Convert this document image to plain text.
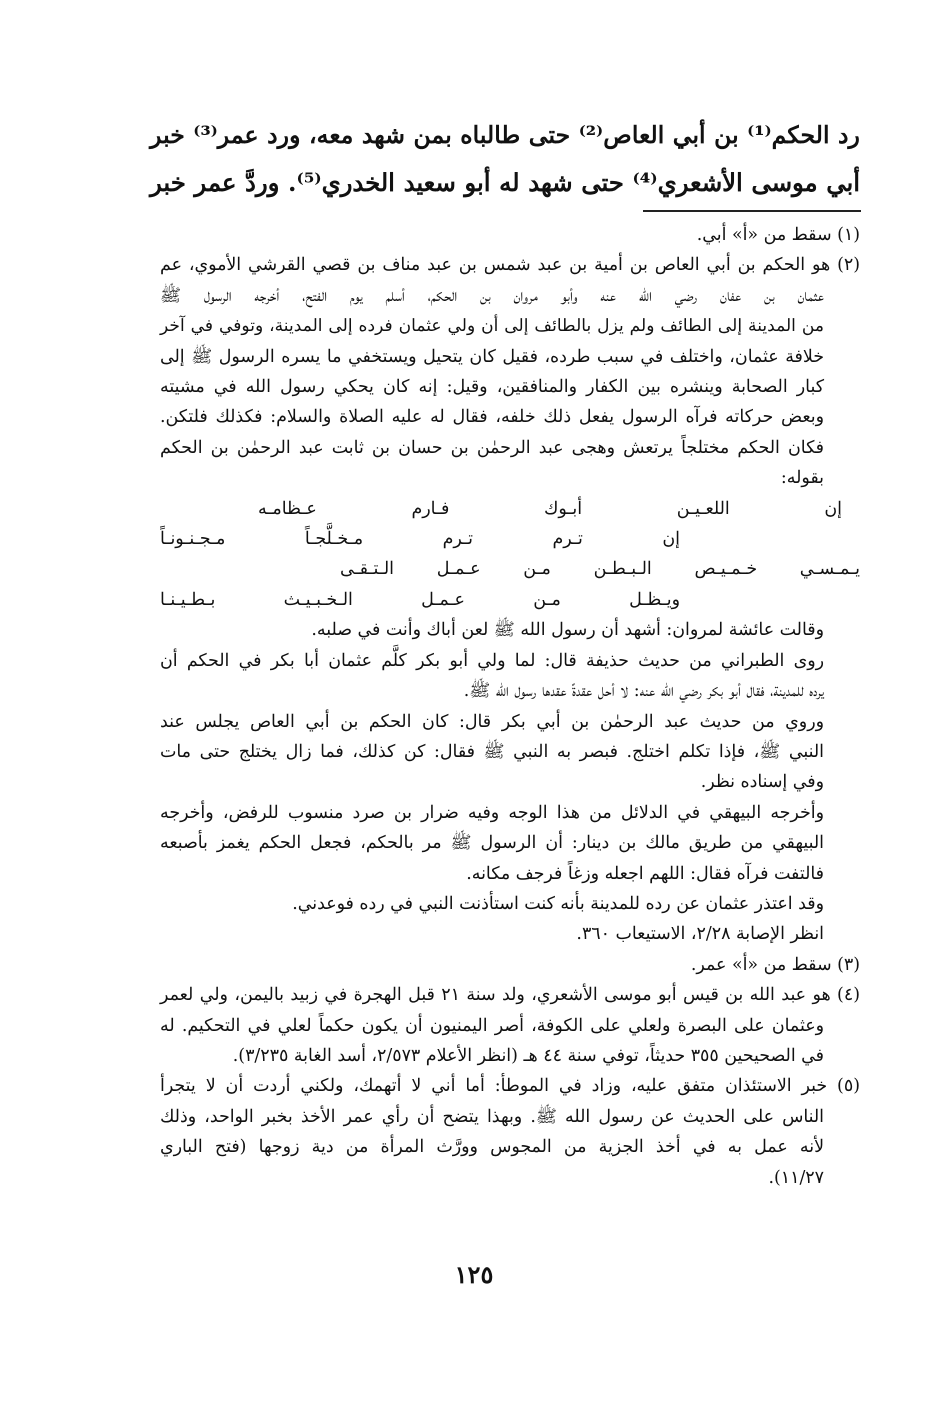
رد الحكم⁽¹⁾ بن أبي العاص⁽²⁾ حتى طالباه بمن شهد معه، ورد عمر⁽³⁾ خبر

أبي موسى الأشعري⁽⁴⁾ حتى شهد له أبو سعيد الخدري⁽⁵⁾. وردَّ عمر خبر

(١) سقط من «أ» أبي.

(٢) هو الحكم بن أبي العاص بن أمية بن عبد شمس بن عبد مناف بن قصي القرشي الأموي، عم

عثمان بن عفان رضي الله عنه وأبو مروان بن الحكم، أسلم يوم الفتح، أخرجه الرسول ﷺ

من المدينة إلى الطائف ولم يزل بالطائف إلى أن ولي عثمان فرده إلى المدينة، وتوفي في آخر

خلافة عثمان، واختلف في سبب طرده، فقيل كان يتحيل ويستخفي ما يسره الرسول ﷺ إلى

كبار الصحابة وينشره بين الكفار والمنافقين، وقيل: إنه كان يحكي رسول الله في مشيته

وبعض حركاته فرآه الرسول يفعل ذلك خلفه، فقال له عليه الصلاة والسلام: فكذلك فلتكن.

فكان الحكم مختلجاً يرتعش وهجى عبد الرحمٰن بن حسان بن ثابت عبد الرحمٰن بن الحكم

بقوله:

إن
اللعـيـن
أبـوك
فـارم
عـظامـه
إن
تـرم
تـرم
مـخـلَّجـاً
مـجـنـونـاً
يـمـسـي
خـمـيـص
الـبـطـن
مـن
عـمـل
الـتـقـى
ويـظـل
مـن
عـمـل
الـخـبـيـث
بـطـيـنـا

وقالت عائشة لمروان: أشهد أن رسول الله ﷺ لعن أباك وأنت في صلبه.

روى الطبراني من حديث حذيفة قال: لما ولي أبو بكر كلَّم عثمان أبا بكر في الحكم أن

يرده للمدينة، فقال أبو بكر رضي الله عنه: لا أحل عقدةً عقدها رسول الله ﷺ.

وروي من حديث عبد الرحمٰن بن أبي بكر قال: كان الحكم بن أبي العاص يجلس عند

النبي ﷺ، فإذا تكلم اختلج. فبصر به النبي ﷺ فقال: كن كذلك، فما زال يختلج حتى مات

وفي إسناده نظر.

وأخرجه البيهقي في الدلائل من هذا الوجه وفيه ضرار بن صرد منسوب للرفض، وأخرجه

البيهقي من طريق مالك بن دينار: أن الرسول ﷺ مر بالحكم، فجعل الحكم يغمز بأصبعه

فالتفت فرآه فقال: اللهم اجعله وزغاً فرجف مكانه.

وقد اعتذر عثمان عن رده للمدينة بأنه كنت استأذنت النبي في رده فوعدني.

انظر الإصابة ٢/٢٨، الاستيعاب ٣٦٠.

(٣) سقط من «أ» عمر.

(٤) هو عبد الله بن قيس أبو موسى الأشعري، ولد سنة ٢١ قبل الهجرة في زبيد باليمن، ولي لعمر

وعثمان على البصرة ولعلي على الكوفة، أصر اليمنيون أن يكون حكماً لعلي في التحكيم. له

في الصحيحين ٣٥٥ حديثاً، توفي سنة ٤٤ هـ (انظر الأعلام ٢/٥٧٣، أسد الغابة ٣/٢٣٥).

(٥) خبر الاستئذان متفق عليه، وزاد في الموطأ: أما أني لا أتهمك، ولكني أردت أن لا يتجرأ

الناس على الحديث عن رسول الله ﷺ. وبهذا يتضح أن رأي عمر الأخذ بخبر الواحد، وذلك

لأنه عمل به في أخذ الجزية من المجوس وورَّث المرأة من دية زوجها (فتح الباري

١١/٢٧).

١٢٥
